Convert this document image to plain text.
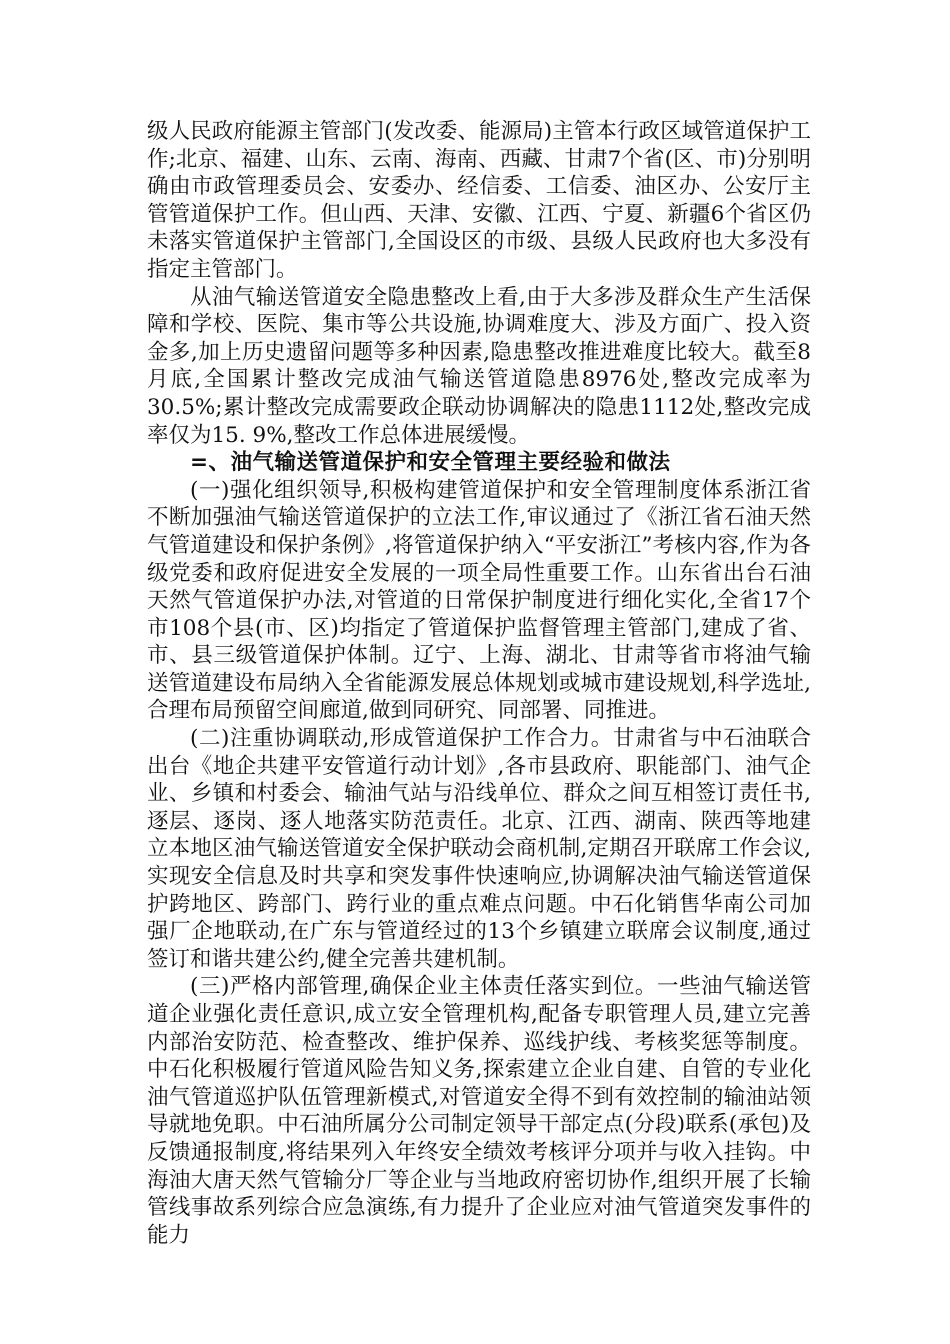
级人民政府能源主管部门(发改委、能源局)主管本行政区域管道保护工作;北京、福建、山东、云南、海南、西藏、甘肃7个省(区、市)分别明确由市政管理委员会、安委办、经信委、工信委、油区办、公安厅主管管道保护工作。但山西、天津、安徽、江西、宁夏、新疆6个省区仍未落实管道保护主管部门,全国设区的市级、县级人民政府也大多没有指定主管部门。

从油气输送管道安全隐患整改上看,由于大多涉及群众生产生活保障和学校、医院、集市等公共设施,协调难度大、涉及方面广、投入资金多,加上历史遗留问题等多种因素,隐患整改推进难度比较大。截至8月底,全国累计整改完成油气输送管道隐患8976处,整改完成率为30.5%;累计整改完成需要政企联动协调解决的隐患1112处,整改完成率仅为15. 9%,整改工作总体进展缓慢。

=、油气输送管道保护和安全管理主要经验和做法

(一)强化组织领导,积极构建管道保护和安全管理制度体系浙江省不断加强油气输送管道保护的立法工作,审议通过了《浙江省石油天然气管道建设和保护条例》,将管道保护纳入“平安浙江”考核内容,作为各级党委和政府促进安全发展的一项全局性重要工作。山东省出台石油天然气管道保护办法,对管道的日常保护制度进行细化实化,全省17个市108个县(市、区)均指定了管道保护监督管理主管部门,建成了省、市、县三级管道保护体制。辽宁、上海、湖北、甘肃等省市将油气输送管道建设布局纳入全省能源发展总体规划或城市建设规划,科学选址,合理布局预留空间廊道,做到同研究、同部署、同推进。

(二)注重协调联动,形成管道保护工作合力。甘肃省与中石油联合出台《地企共建平安管道行动计划》,各市县政府、职能部门、油气企业、乡镇和村委会、输油气站与沿线单位、群众之间互相签订责任书,逐层、逐岗、逐人地落实防范责任。北京、江西、湖南、陕西等地建立本地区油气输送管道安全保护联动会商机制,定期召开联席工作会议,实现安全信息及时共享和突发事件快速响应,协调解决油气输送管道保护跨地区、跨部门、跨行业的重点难点问题。中石化销售华南公司加强厂企地联动,在广东与管道经过的13个乡镇建立联席会议制度,通过签订和谐共建公约,健全完善共建机制。

(三)严格内部管理,确保企业主体责任落实到位。一些油气输送管道企业强化责任意识,成立安全管理机构,配备专职管理人员,建立完善内部治安防范、检查整改、维护保养、巡线护线、考核奖惩等制度。中石化积极履行管道风险告知义务,探索建立企业自建、自管的专业化油气管道巡护队伍管理新模式,对管道安全得不到有效控制的输油站领导就地免职。中石油所属分公司制定领导干部定点(分段)联系(承包)及反馈通报制度,将结果列入年终安全绩效考核评分项并与收入挂钩。中海油大唐天然气管输分厂等企业与当地政府密切协作,组织开展了长输管线事故系列综合应急演练,有力提升了企业应对油气管道突发事件的能力
